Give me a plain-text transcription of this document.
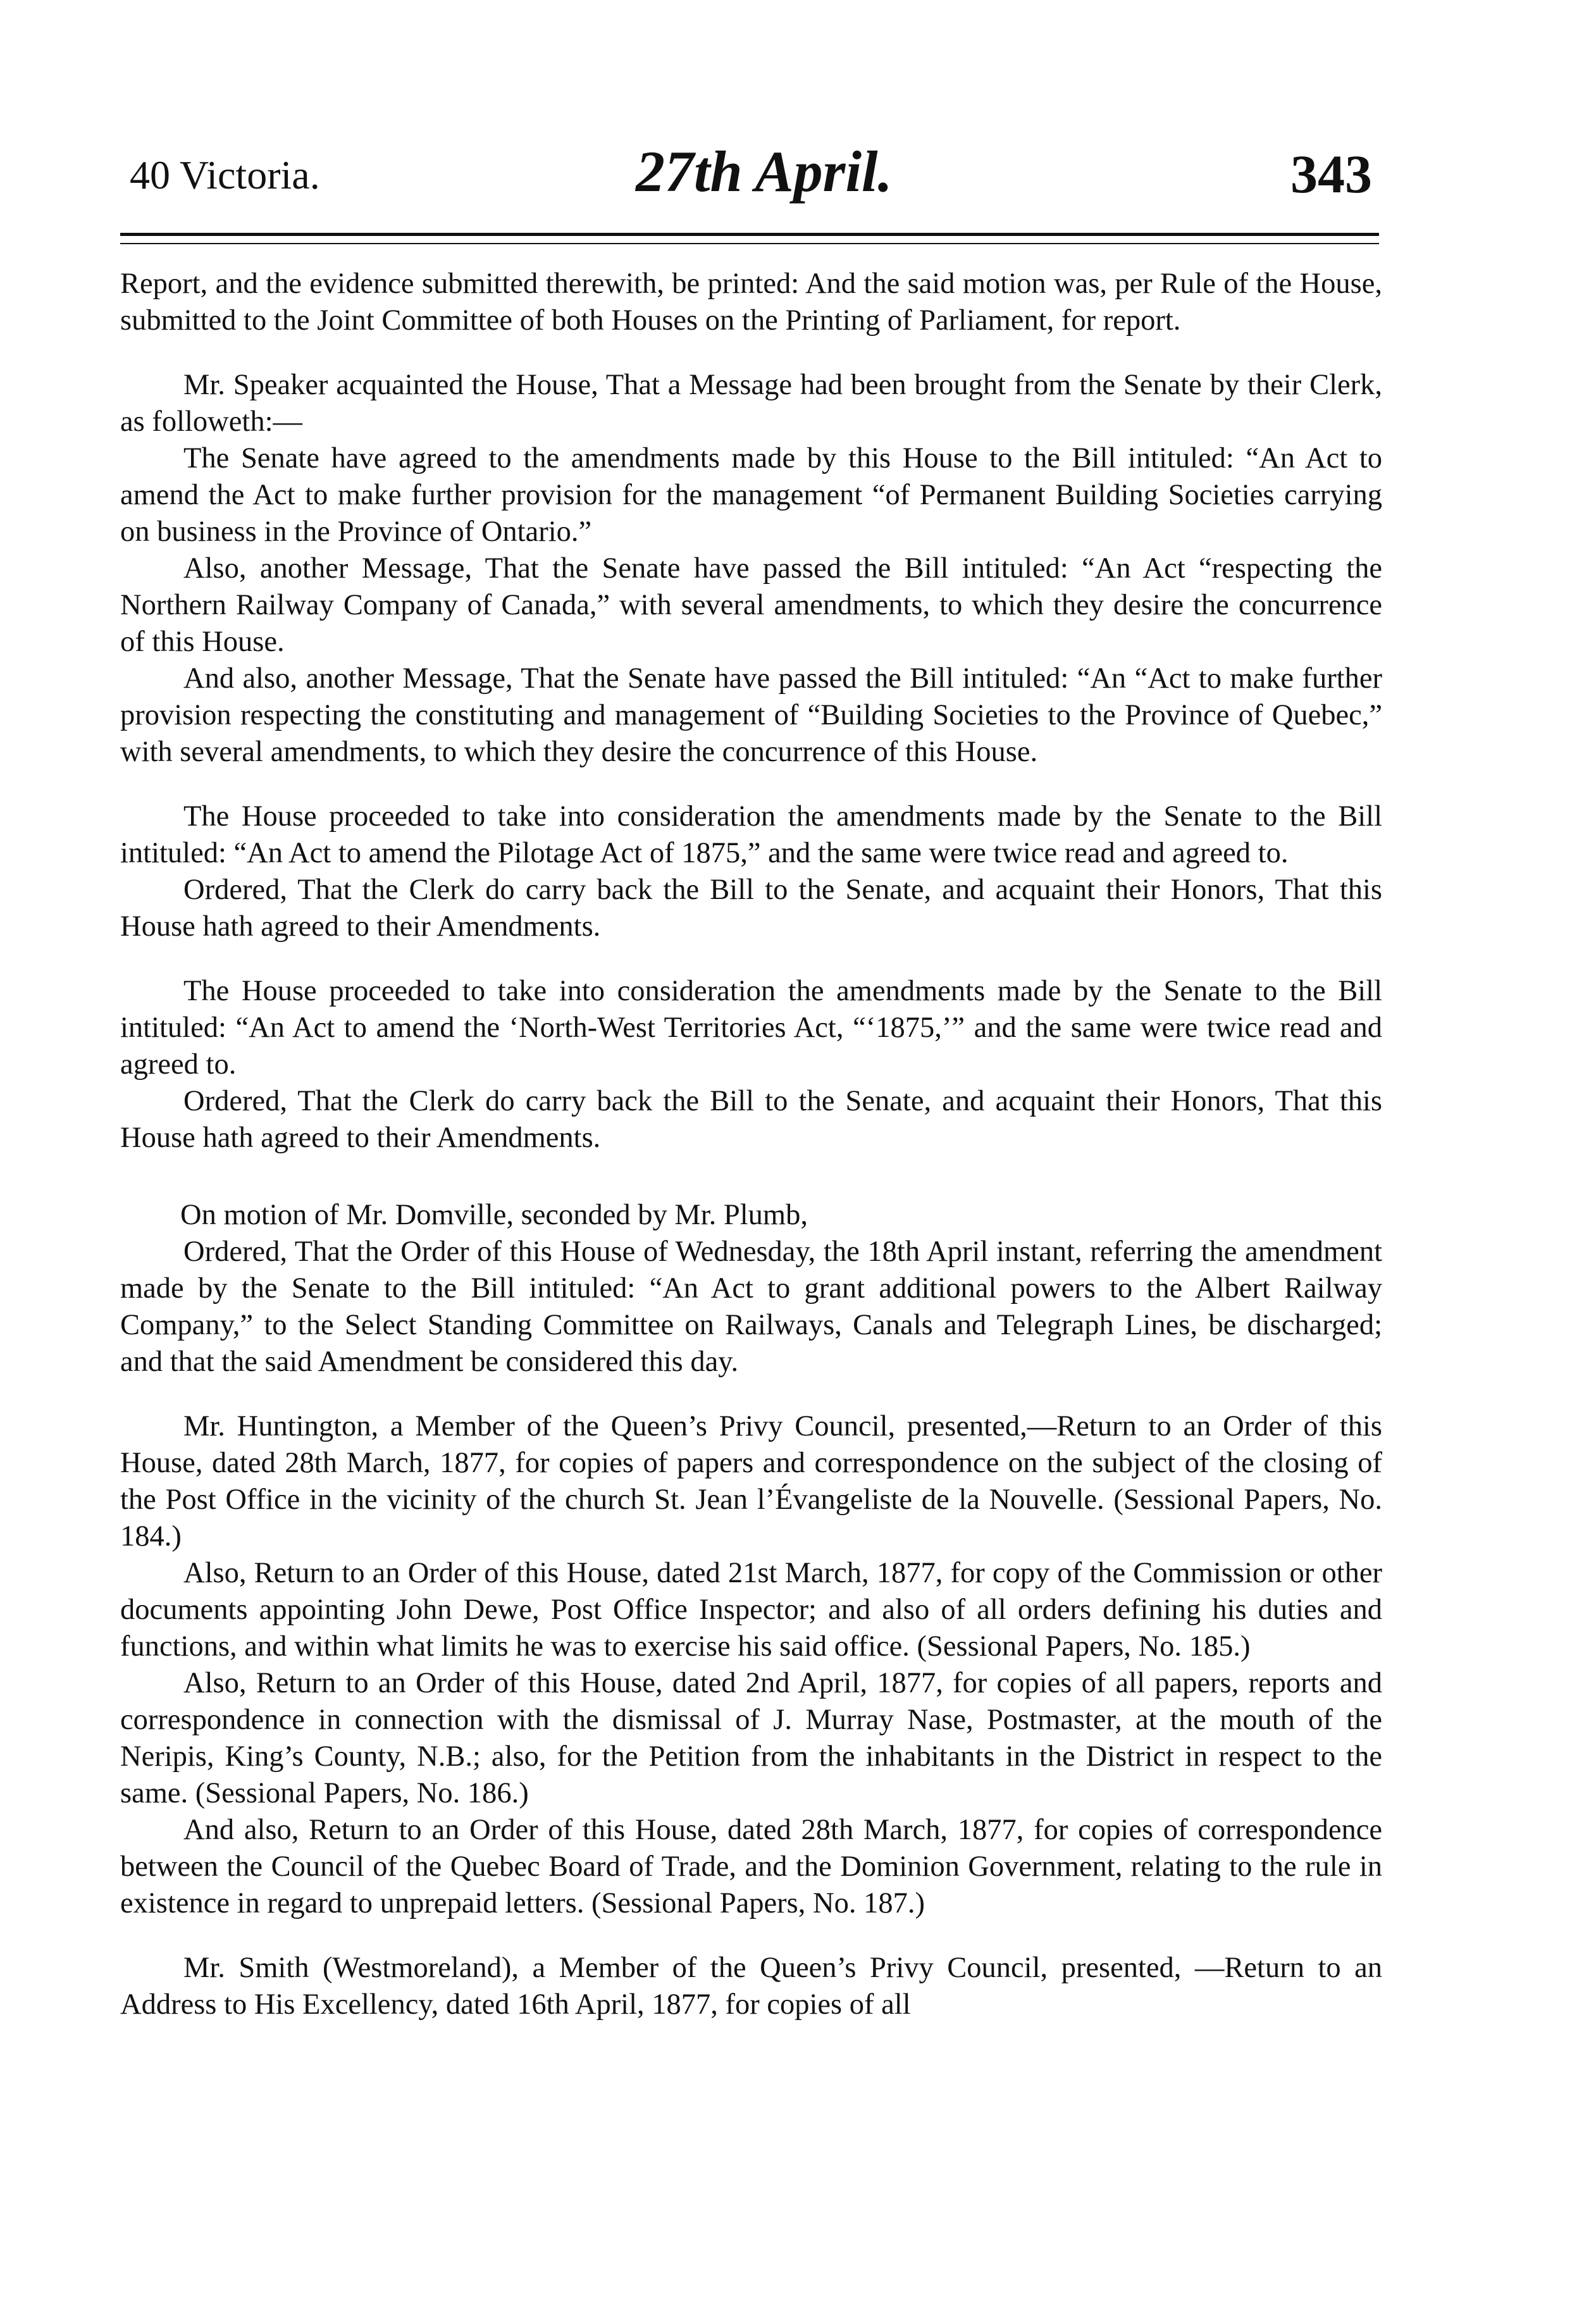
40 Victoria.	27th April.	343

Report, and the evidence submitted therewith, be printed: And the said motion was, per Rule of the House, submitted to the Joint Committee of both Houses on the Printing of Parliament, for report.

Mr. Speaker acquainted the House, That a Message had been brought from the Senate by their Clerk, as followeth:—

The Senate have agreed to the amendments made by this House to the Bill intituled: “An Act to amend the Act to make further provision for the management “of Permanent Building Societies carrying on business in the Province of Ontario.”

Also, another Message, That the Senate have passed the Bill intituled: “An Act “respecting the Northern Railway Company of Canada,” with several amendments, to which they desire the concurrence of this House.

And also, another Message, That the Senate have passed the Bill intituled: “An “Act to make further provision respecting the constituting and management of “Building Societies to the Province of Quebec,” with several amendments, to which they desire the concurrence of this House.

The House proceeded to take into consideration the amendments made by the Senate to the Bill intituled: “An Act to amend the Pilotage Act of 1875,” and the same were twice read and agreed to.

Ordered, That the Clerk do carry back the Bill to the Senate, and acquaint their Honors, That this House hath agreed to their Amendments.

The House proceeded to take into consideration the amendments made by the Senate to the Bill intituled: “An Act to amend the ‘North-West Territories Act, “‘1875,’” and the same were twice read and agreed to.

Ordered, That the Clerk do carry back the Bill to the Senate, and acquaint their Honors, That this House hath agreed to their Amendments.

On motion of Mr. Domville, seconded by Mr. Plumb,

Ordered, That the Order of this House of Wednesday, the 18th April instant, referring the amendment made by the Senate to the Bill intituled: “An Act to grant additional powers to the Albert Railway Company,” to the Select Standing Committee on Railways, Canals and Telegraph Lines, be discharged; and that the said Amendment be considered this day.

Mr. Huntington, a Member of the Queen’s Privy Council, presented,—Return to an Order of this House, dated 28th March, 1877, for copies of papers and correspondence on the subject of the closing of the Post Office in the vicinity of the church St. Jean l’Évangeliste de la Nouvelle. (Sessional Papers, No. 184.)

Also, Return to an Order of this House, dated 21st March, 1877, for copy of the Commission or other documents appointing John Dewe, Post Office Inspector; and also of all orders defining his duties and functions, and within what limits he was to exercise his said office. (Sessional Papers, No. 185.)

Also, Return to an Order of this House, dated 2nd April, 1877, for copies of all papers, reports and correspondence in connection with the dismissal of J. Murray Nase, Postmaster, at the mouth of the Neripis, King’s County, N.B.; also, for the Petition from the inhabitants in the District in respect to the same. (Sessional Papers, No. 186.)

And also, Return to an Order of this House, dated 28th March, 1877, for copies of correspondence between the Council of the Quebec Board of Trade, and the Dominion Government, relating to the rule in existence in regard to unprepaid letters. (Sessional Papers, No. 187.)

Mr. Smith (Westmoreland), a Member of the Queen’s Privy Council, presented, —Return to an Address to His Excellency, dated 16th April, 1877, for copies of all
